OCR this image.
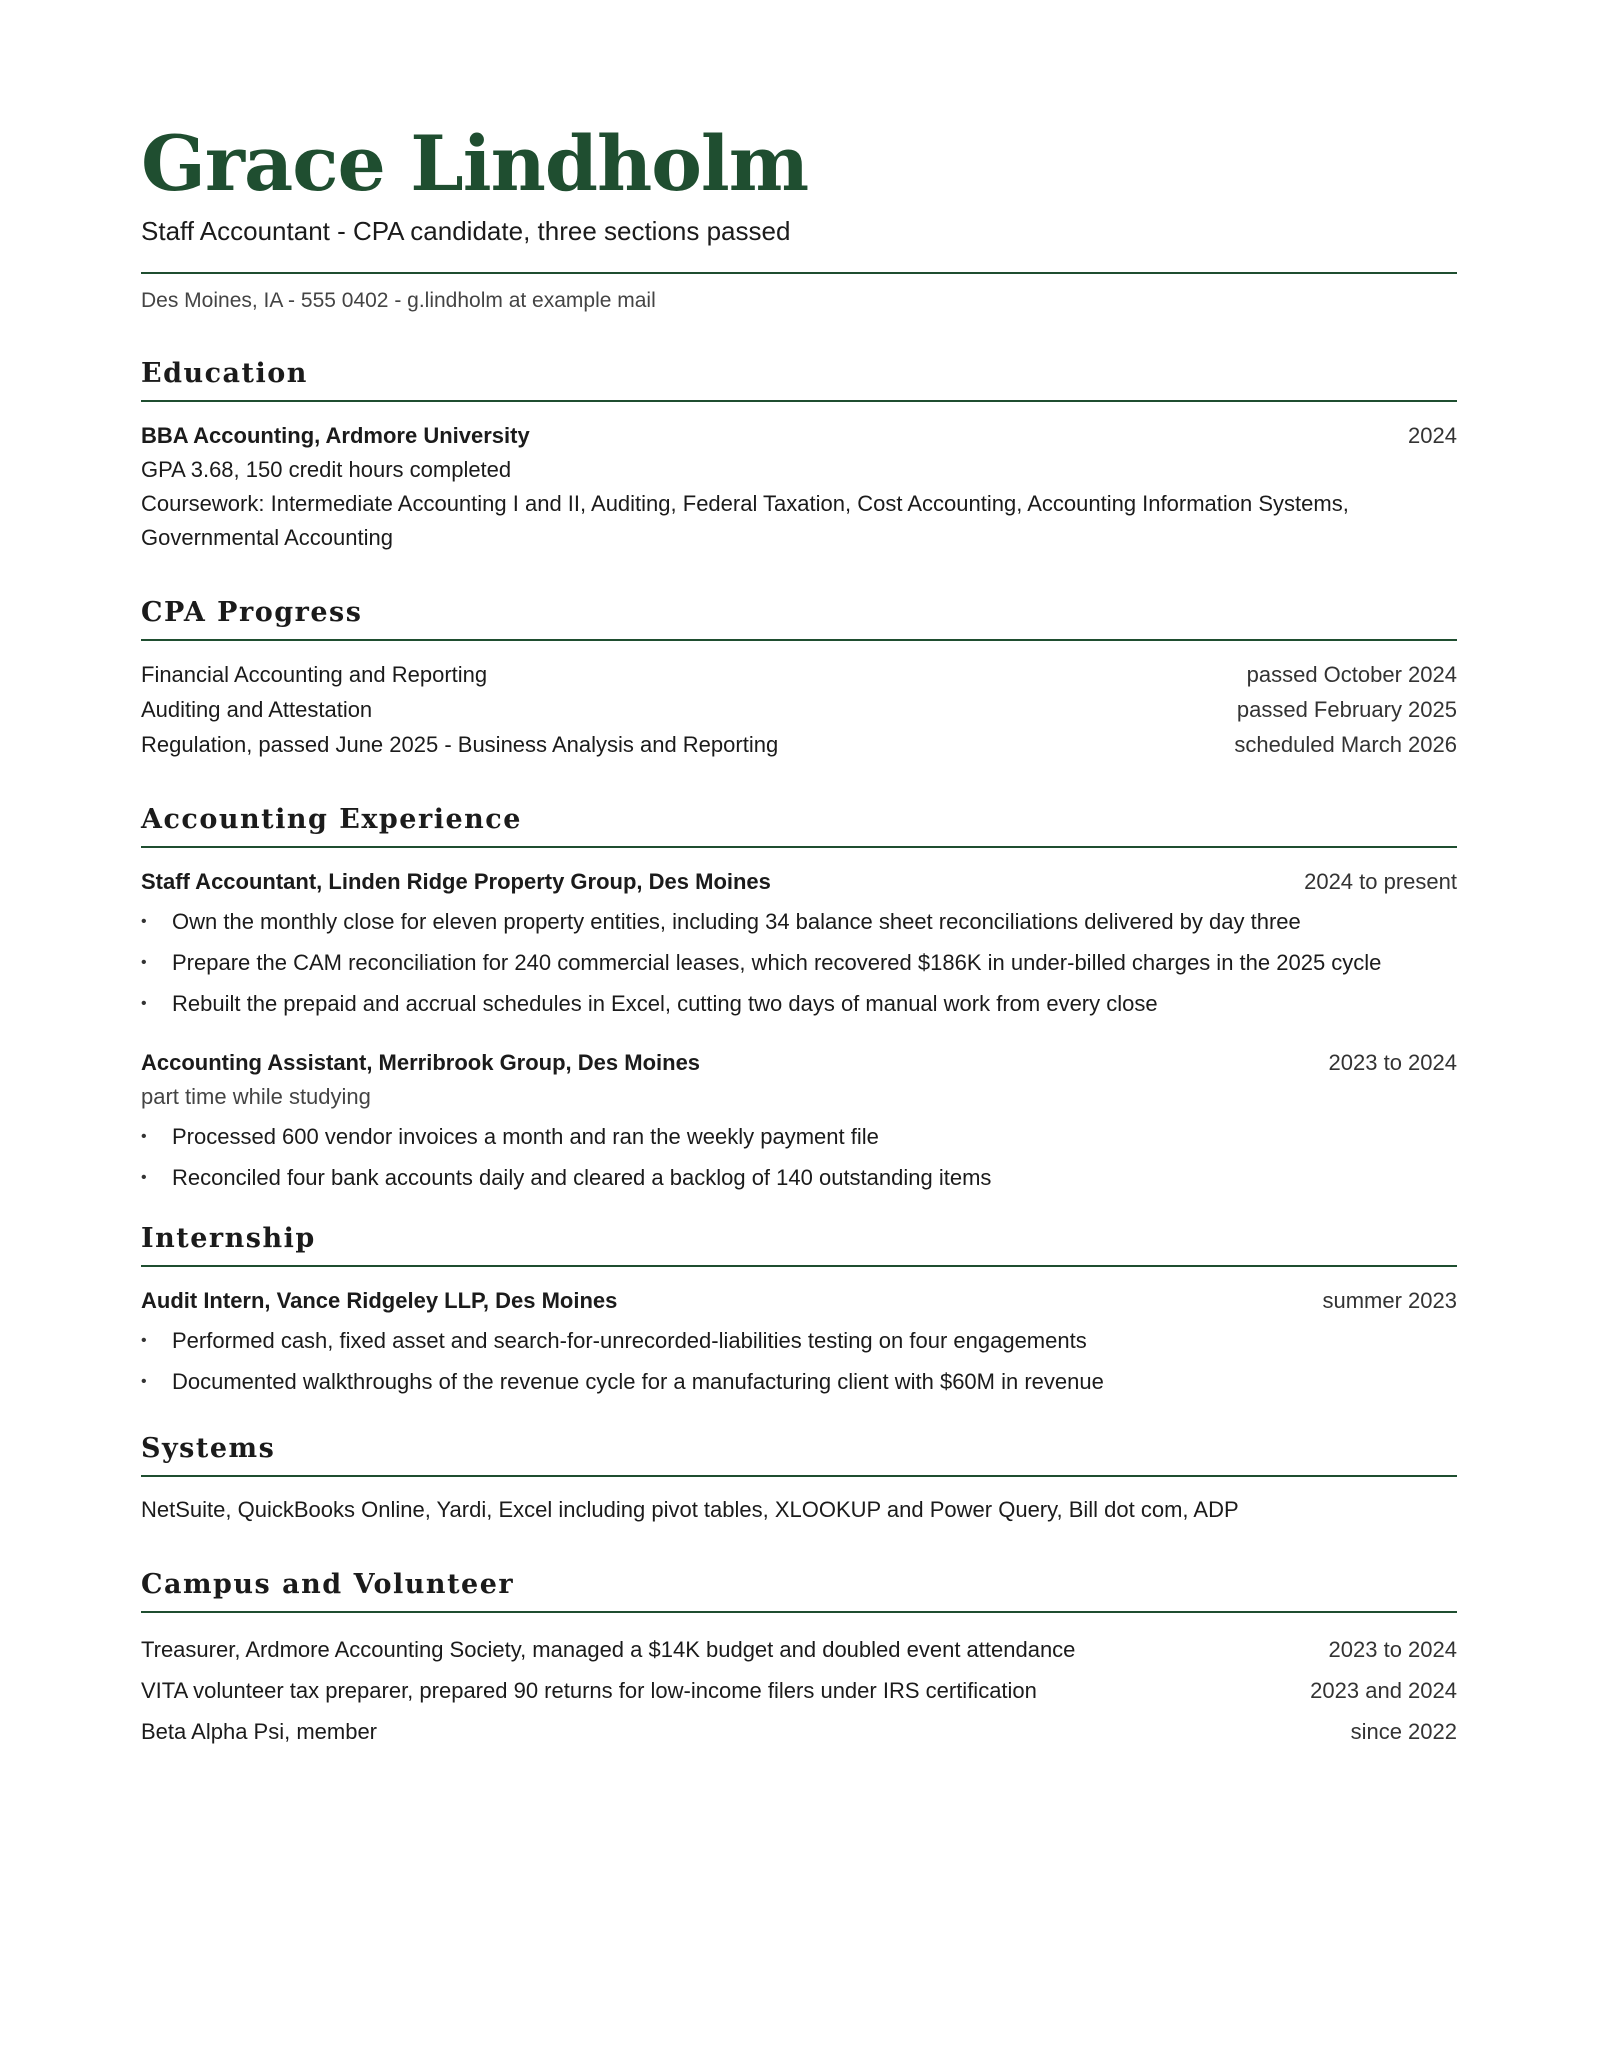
Grace Lindholm
Staff Accountant - CPA candidate, three sections passed
Des Moines, IA - 555 0402 - g.lindholm at example mail
Education
BBA Accounting, Ardmore University	2024
GPA 3.68, 150 credit hours completed
Coursework: Intermediate Accounting I and II, Auditing, Federal Taxation, Cost Accounting, Accounting Information Systems, Governmental Accounting
CPA Progress
Financial Accounting and Reporting	passed October 2024
Auditing and Attestation	passed February 2025
Regulation, passed June 2025 - Business Analysis and Reporting	scheduled March 2026
Accounting Experience
Staff Accountant, Linden Ridge Property Group, Des Moines	2024 to present
• Own the monthly close for eleven property entities, including 34 balance sheet reconciliations delivered by day three
• Prepare the CAM reconciliation for 240 commercial leases, which recovered $186K in under-billed charges in the 2025 cycle
• Rebuilt the prepaid and accrual schedules in Excel, cutting two days of manual work from every close
Accounting Assistant, Merribrook Group, Des Moines	2023 to 2024
part time while studying
• Processed 600 vendor invoices a month and ran the weekly payment file
• Reconciled four bank accounts daily and cleared a backlog of 140 outstanding items
Internship
Audit Intern, Vance Ridgeley LLP, Des Moines	summer 2023
• Performed cash, fixed asset and search-for-unrecorded-liabilities testing on four engagements
• Documented walkthroughs of the revenue cycle for a manufacturing client with $60M in revenue
Systems
NetSuite, QuickBooks Online, Yardi, Excel including pivot tables, XLOOKUP and Power Query, Bill dot com, ADP
Campus and Volunteer
Treasurer, Ardmore Accounting Society, managed a $14K budget and doubled event attendance	2023 to 2024
VITA volunteer tax preparer, prepared 90 returns for low-income filers under IRS certification	2023 and 2024
Beta Alpha Psi, member	since 2022
